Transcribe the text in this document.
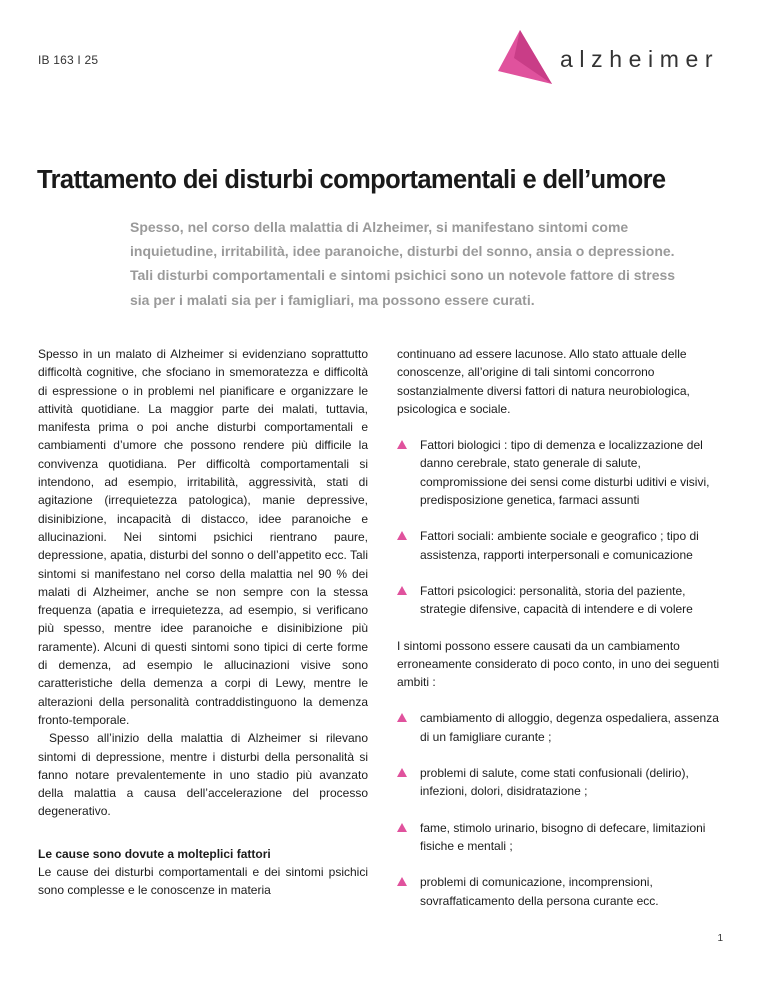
IB 163 I 25	alzheimer
Trattamento dei disturbi comportamentali e dell’umore

Spesso, nel corso della malattia di Alzheimer, si manifestano sintomi come inquietudine, irritabilità, idee paranoiche, disturbi del sonno, ansia o depressione. Tali disturbi comportamentali e sintomi psichici sono un notevole fattore di stress sia per i malati sia per i famigliari, ma possono essere curati.

Spesso in un malato di Alzheimer si evidenziano soprattutto difficoltà cognitive, che sfociano in smemoratezza e difficoltà di espressione o in problemi nel pianificare e organizzare le attività quotidiane. La maggior parte dei malati, tuttavia, manifesta prima o poi anche disturbi comportamentali e cambiamenti d’umore che possono rendere più difficile la convivenza quotidiana. Per difficoltà comportamentali si intendono, ad esempio, irritabilità, aggressività, stati di agitazione (irrequietezza patologica), manie depressive, disinibizione, incapacità di distacco, idee paranoiche e allucinazioni. Nei sintomi psichici rientrano paure, depressione, apatia, disturbi del sonno o dell’appetito ecc. Tali sintomi si manifestano nel corso della malattia nel 90 % dei malati di Alzheimer, anche se non sempre con la stessa frequenza (apatia e irrequietezza, ad esempio, si verificano più spesso, mentre idee paranoiche e disinibizione più raramente). Alcuni di questi sintomi sono tipici di certe forme di demenza, ad esempio le allucinazioni visive sono caratteristiche della demenza a corpi di Lewy, mentre le alterazioni della personalità contraddistinguono la demenza fronto-temporale.

Spesso all’inizio della malattia di Alzheimer si rilevano sintomi di depressione, mentre i disturbi della personalità si fanno notare prevalentemente in uno stadio più avanzato della malattia a causa dell’accelerazione del processo degenerativo.

Le cause sono dovute a molteplici fattori

Le cause dei disturbi comportamentali e dei sintomi psichici sono complesse e le conoscenze in materia

continuano ad essere lacunose. Allo stato attuale delle conoscenze, all’origine di tali sintomi concorrono sostanzialmente diversi fattori di natura neurobiologica, psicologica e sociale.

Fattori biologici : tipo di demenza e localizzazione del danno cerebrale, stato generale di salute, compromissione dei sensi come disturbi uditivi e visivi, predisposizione genetica, farmaci assunti
Fattori sociali: ambiente sociale e geografico ; tipo di assistenza, rapporti interpersonali e comunicazione
Fattori psicologici: personalità, storia del paziente, strategie difensive, capacità di intendere e di volere

I sintomi possono essere causati da un cambiamento erroneamente considerato di poco conto, in uno dei seguenti ambiti :

cambiamento di alloggio, degenza ospedaliera, assenza di un famigliare curante ;
problemi di salute, come stati confusionali (delirio), infezioni, dolori, disidratazione ;
fame, stimolo urinario, bisogno di defecare, limitazioni fisiche e mentali ;
problemi di comunicazione, incomprensioni, sovraffaticamento della persona curante ecc.
1
